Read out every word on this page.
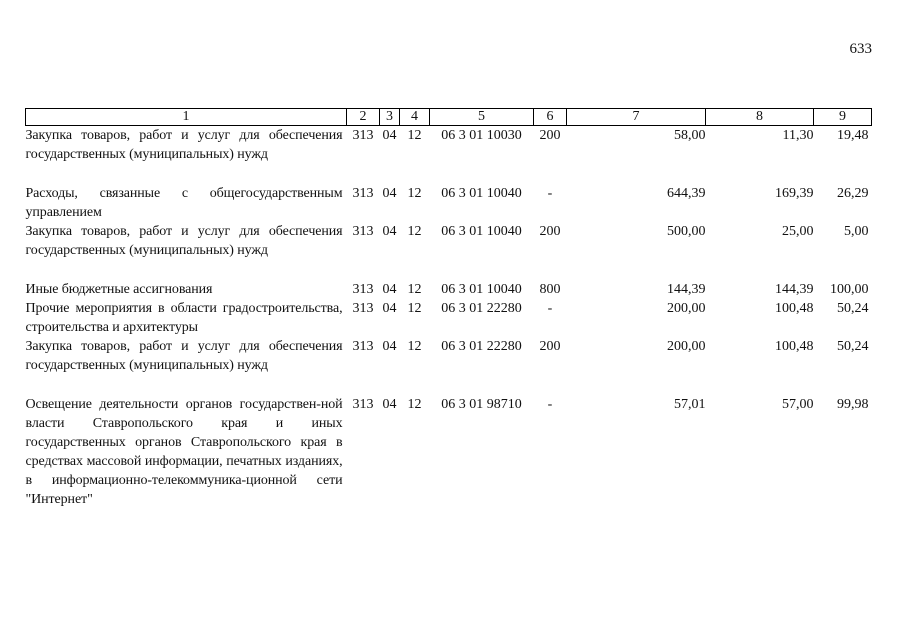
633
1	2	3	4	5	6	7	8	9
Закупка товаров, работ и услуг для обеспечения государственных (муниципальных) нужд	313	04	12	06 3 01 10030	200	58,00	11,30	19,48

Расходы, связанные с общегосударственным управлением	313	04	12	06 3 01 10040	-	644,39	169,39	26,29
Закупка товаров, работ и услуг для обеспечения государственных (муниципальных) нужд	313	04	12	06 3 01 10040	200	500,00	25,00	5,00

Иные бюджетные ассигнования	313	04	12	06 3 01 10040	800	144,39	144,39	100,00
Прочие мероприятия в области градостроительства, строительства и архитектуры	313	04	12	06 3 01 22280	-	200,00	100,48	50,24
Закупка товаров, работ и услуг для обеспечения государственных (муниципальных) нужд	313	04	12	06 3 01 22280	200	200,00	100,48	50,24

Освещение деятельности органов государствен-ной власти Ставропольского края и иных государственных органов Ставропольского края в средствах массовой информации, печатных изданиях, в информационно-телекоммуника-ционной сети "Интернет"	313	04	12	06 3 01 98710	-	57,01	57,00	99,98
